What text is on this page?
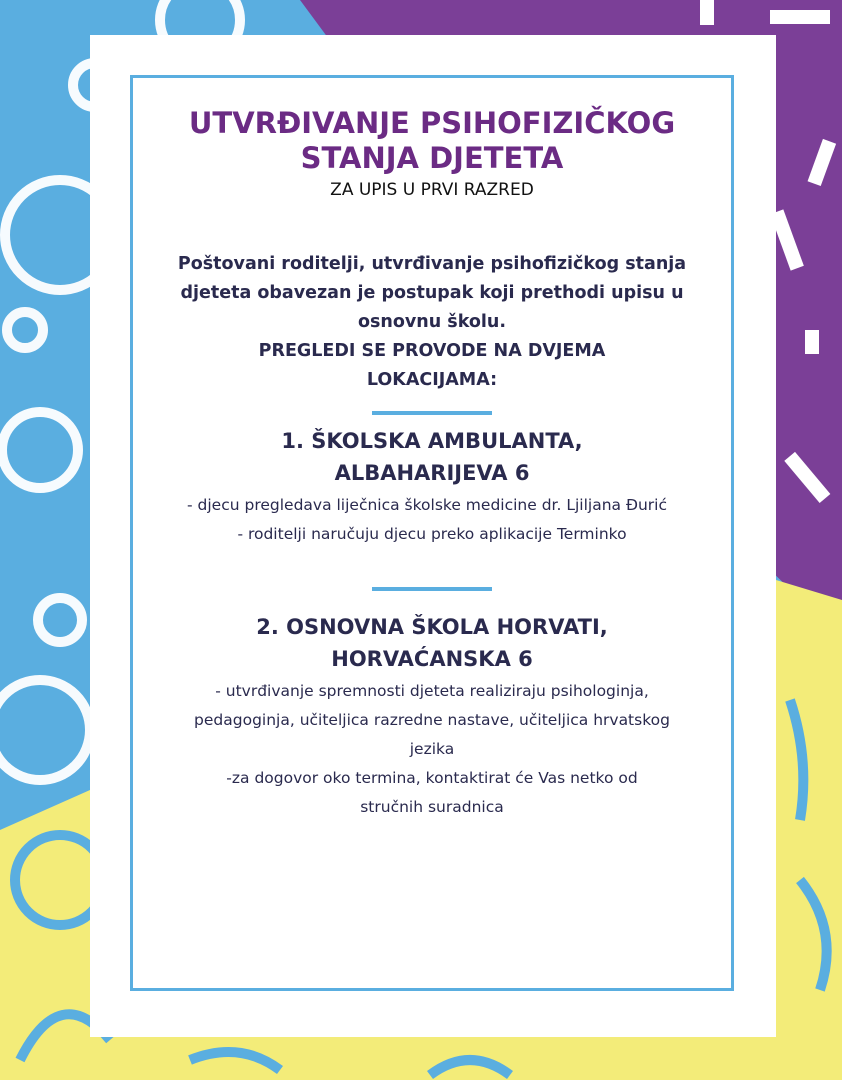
UTVRĐIVANJE PSIHOFIZIČKOG
STANJA DJETETA
ZA UPIS U PRVI RAZRED
Poštovani roditelji, utvrđivanje psihofizičkog stanja
djeteta obavezan je postupak koji prethodi upisu u
osnovnu školu.
PREGLEDI SE PROVODE NA DVJEMA
LOKACIJAMA:
1. ŠKOLSKA AMBULANTA,
ALBAHARIJEVA 6
- djecu pregledava liječnica školske medicine dr. Ljiljana Đurić
- roditelji naručuju djecu preko aplikacije Terminko
2. OSNOVNA ŠKOLA HORVATI,
HORVAĆANSKA 6
- utvrđivanje spremnosti djeteta realiziraju psihologinja,
pedagoginja, učiteljica razredne nastave, učiteljica hrvatskog
jezika
-za dogovor oko termina, kontaktirat će Vas netko od
stručnih suradnica
